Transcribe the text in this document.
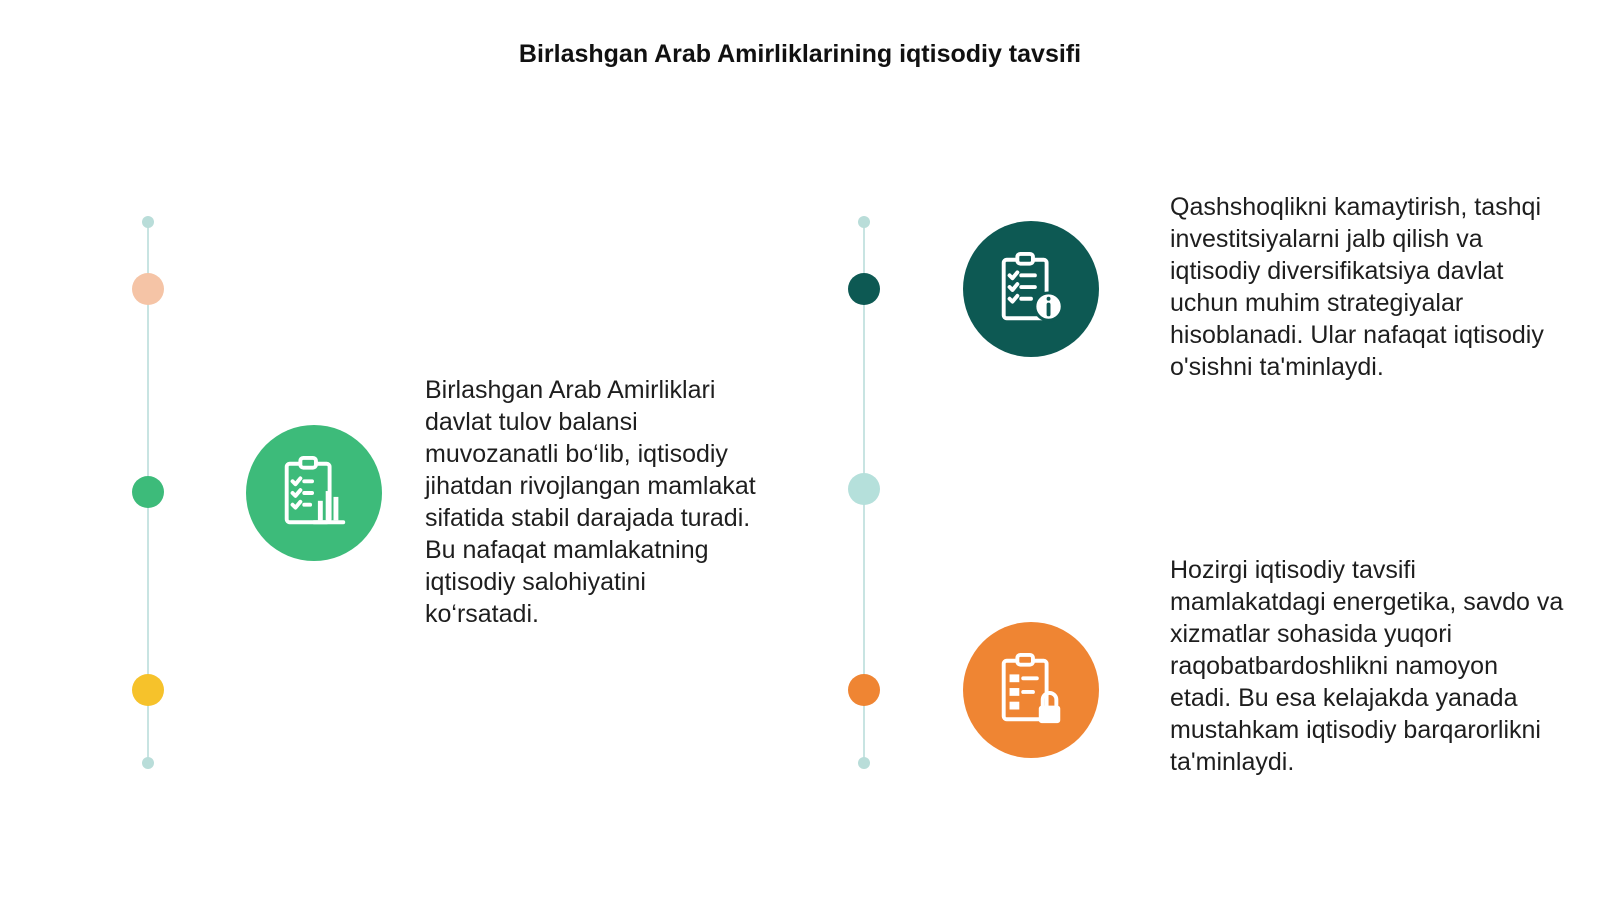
Birlashgan Arab Amirliklarining iqtisodiy tavsifi
Birlashgan Arab Amirliklari davlat tulov balansi muvozanatli bo‘lib, iqtisodiy jihatdan rivojlangan mamlakat sifatida stabil darajada turadi. Bu nafaqat mamlakatning iqtisodiy salohiyatini ko‘rsatadi.
Qashshoqlikni kamaytirish, tashqi investitsiyalarni jalb qilish va iqtisodiy diversifikatsiya davlat uchun muhim strategiyalar hisoblanadi. Ular nafaqat iqtisodiy o'sishni ta'minlaydi.
Hozirgi iqtisodiy tavsifi mamlakatdagi energetika, savdo va xizmatlar sohasida yuqori raqobatbardoshlikni namoyon etadi. Bu esa kelajakda yanada mustahkam iqtisodiy barqarorlikni ta'minlaydi.
